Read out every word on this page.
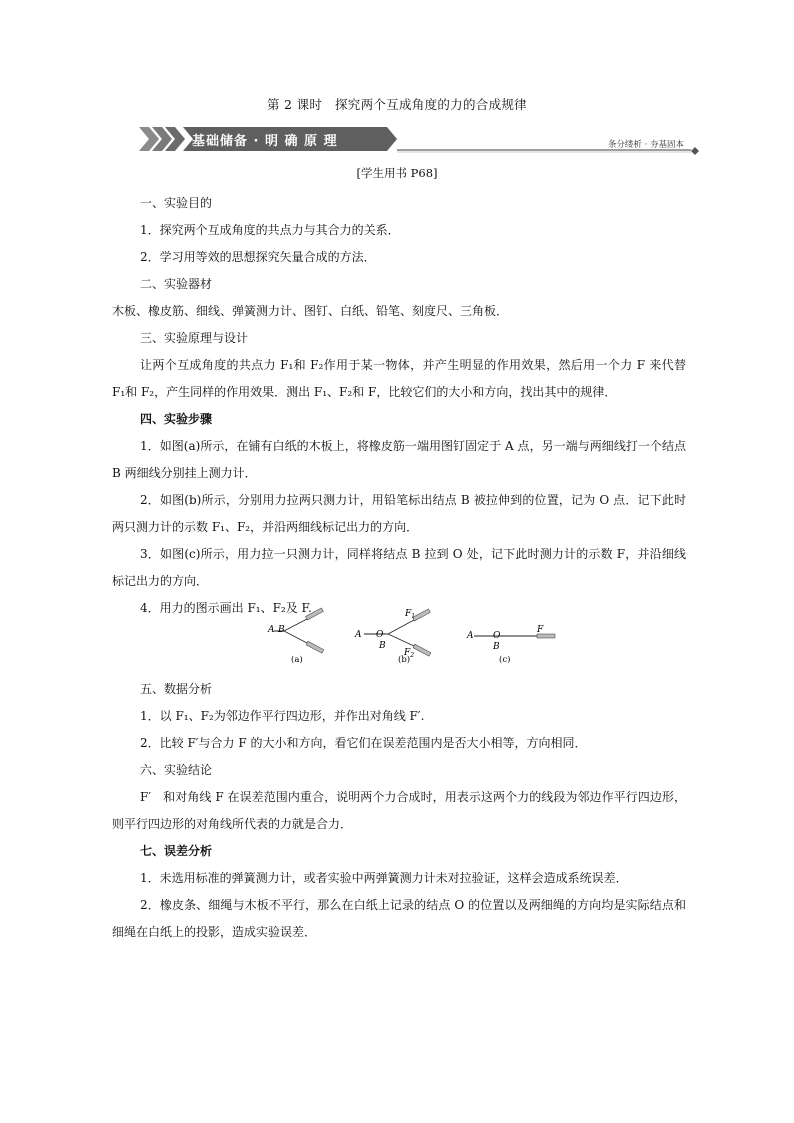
第 2 课时　探究两个互成角度的力的合成规律
基础储备 · 明 确 原 理	条分缕析 · 夯基固本
[学生用书 P68]

一、实验目的

1．探究两个互成角度的共点力与其合力的关系．

2．学习用等效的思想探究矢量合成的方法．

二、实验器材

木板、橡皮筋、细线、弹簧测力计、图钉、白纸、铅笔、刻度尺、三角板．

三、实验原理与设计

让两个互成角度的共点力 F₁和 F₂作用于某一物体，并产生明显的作用效果，然后用一个力 F 来代替 F₁和 F₂，产生同样的作用效果．测出 F₁、F₂和 F，比较它们的大小和方向，找出其中的规律．

四、实验步骤

1．如图(a)所示，在铺有白纸的木板上，将橡皮筋一端用图钉固定于 A 点，另一端与两细线打一个结点 B 两细线分别挂上测力计．

2．如图(b)所示，分别用力拉两只测力计，用铅笔标出结点 B 被拉伸到的位置，记为 O 点．记下此时两只测力计的示数 F₁、F₂，并沿两细线标记出力的方向．

3．如图(c)所示，用力拉一只测力计，同样将结点 B 拉到 O 处，记下此时测力计的示数 F，并沿细线标记出力的方向．

4．用力的图示画出 F₁、F₂及 F.

A B
(a)
A O
B
$F_1$
$F_2$
(b)
A O
B
F
(c)

五、数据分析

1．以 F₁、F₂为邻边作平行四边形，并作出对角线 F′.

2．比较 F′与合力 F 的大小和方向，看它们在误差范围内是否大小相等，方向相同．

六、实验结论

F′　和对角线 F 在误差范围内重合，说明两个力合成时，用表示这两个力的线段为邻边作平行四边形，则平行四边形的对角线所代表的力就是合力．

七、误差分析

1．未选用标准的弹簧测力计，或者实验中两弹簧测力计未对拉验证，这样会造成系统误差．

2．橡皮条、细绳与木板不平行，那么在白纸上记录的结点 O 的位置以及两细绳的方向均是实际结点和细绳在白纸上的投影，造成实验误差．
